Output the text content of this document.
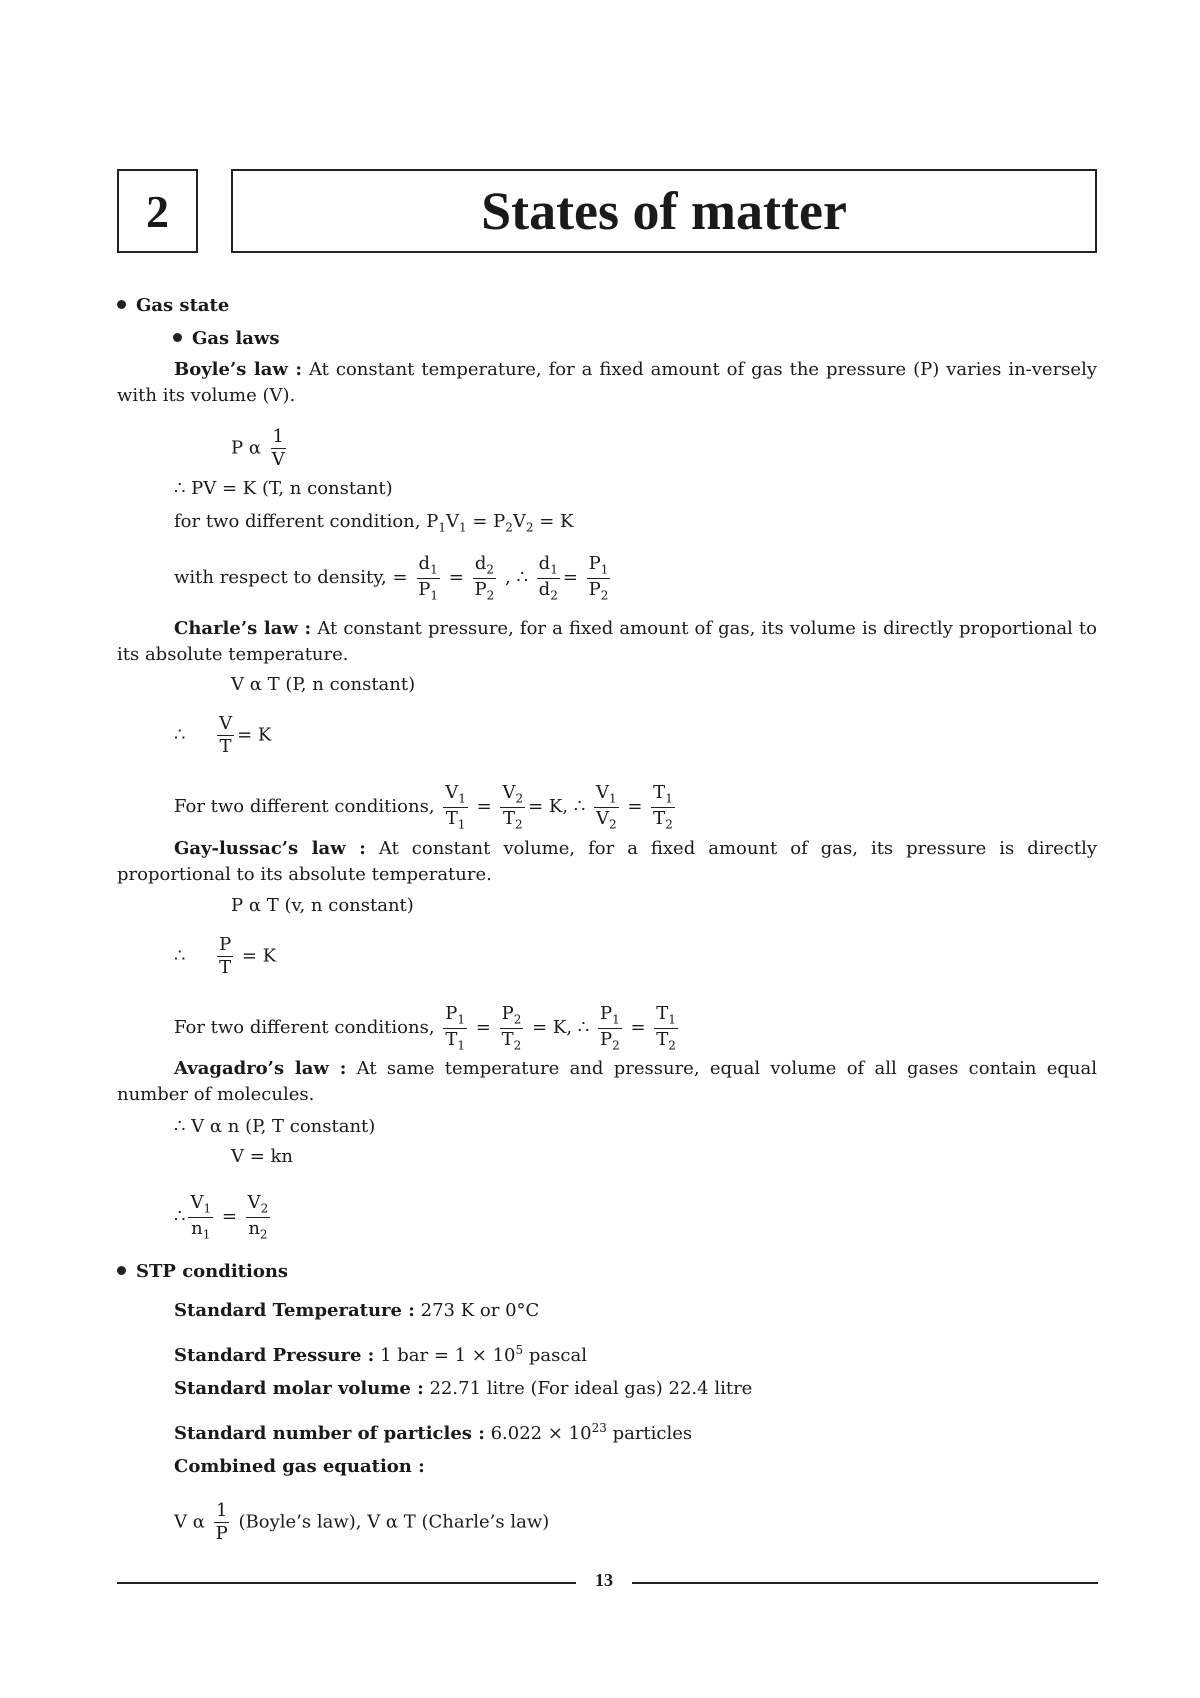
2	States of matter
Gas state
Gas laws
Boyle’s law : At constant temperature, for a fixed amount of gas the pressure (P) varies in-versely with its volume (V).
P α $\frac{1}{V}$
∴ PV = K (T, n constant)
for two different condition, $P_1V_1 = P_2V_2 = K$
with respect to density, = $\frac{d_1}{P_1} = \frac{d_2}{P_2}$ , ∴ $\frac{d_1}{d_2} = \frac{P_1}{P_2}$
Charle’s law : At constant pressure, for a fixed amount of gas, its volume is directly proportional to its absolute temperature.
V α T (P, n constant)
∴ $\frac{V}{T} = K$
For two different conditions, $\frac{V_1}{T_1} = \frac{V_2}{T_2} = K$, ∴ $\frac{V_1}{V_2} = \frac{T_1}{T_2}$
Gay-lussac’s law : At constant volume, for a fixed amount of gas, its pressure is directly proportional to its absolute temperature.
P α T (v, n constant)
∴ $\frac{P}{T} = K$
For two different conditions, $\frac{P_1}{T_1} = \frac{P_2}{T_2} = K$, ∴ $\frac{P_1}{P_2} = \frac{T_1}{T_2}$
Avagadro’s law : At same temperature and pressure, equal volume of all gases contain equal number of molecules.
∴ V α n (P, T constant)
V = kn
∴ $\frac{V_1}{n_1} = \frac{V_2}{n_2}$
STP conditions
Standard Temperature : 273 K or 0°C
Standard Pressure : 1 bar = $1 \times 10^5$ pascal
Standard molar volume : 22.71 litre (For ideal gas) 22.4 litre
Standard number of particles : $6.022 \times 10^{23}$ particles
Combined gas equation :
V α $\frac{1}{P}$ (Boyle’s law), V α T (Charle’s law)
13
